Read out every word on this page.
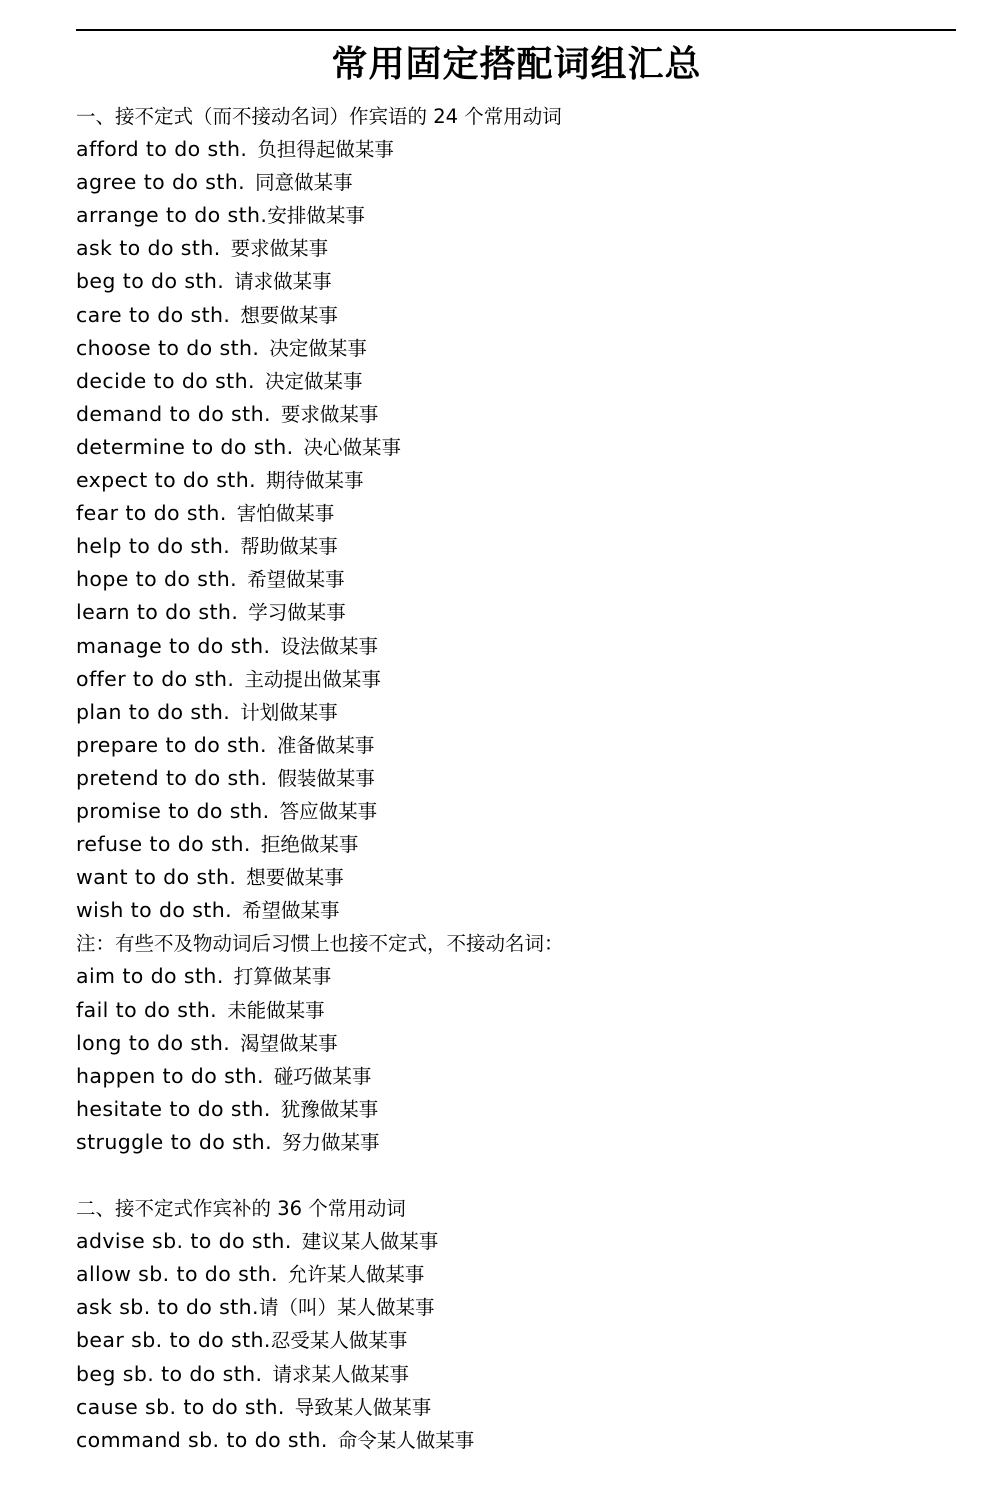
常用固定搭配词组汇总
一、接不定式（而不接动名词）作宾语的 24 个常用动词
afford to do sth. 负担得起做某事
agree to do sth. 同意做某事
arrange to do sth.安排做某事
ask to do sth. 要求做某事
beg to do sth. 请求做某事
care to do sth. 想要做某事
choose to do sth. 决定做某事
decide to do sth. 决定做某事
demand to do sth. 要求做某事
determine to do sth. 决心做某事
expect to do sth. 期待做某事
fear to do sth. 害怕做某事
help to do sth. 帮助做某事
hope to do sth. 希望做某事
learn to do sth. 学习做某事
manage to do sth. 设法做某事
offer to do sth. 主动提出做某事
plan to do sth. 计划做某事
prepare to do sth. 准备做某事
pretend to do sth. 假装做某事
promise to do sth. 答应做某事
refuse to do sth. 拒绝做某事
want to do sth. 想要做某事
wish to do sth. 希望做某事
注：有些不及物动词后习惯上也接不定式，不接动名词：
aim to do sth. 打算做某事
fail to do sth. 未能做某事
long to do sth. 渴望做某事
happen to do sth. 碰巧做某事
hesitate to do sth. 犹豫做某事
struggle to do sth. 努力做某事
二、接不定式作宾补的 36 个常用动词
advise sb. to do sth. 建议某人做某事
allow sb. to do sth. 允许某人做某事
ask sb. to do sth.请（叫）某人做某事
bear sb. to do sth.忍受某人做某事
beg sb. to do sth. 请求某人做某事
cause sb. to do sth. 导致某人做某事
command sb. to do sth. 命令某人做某事
